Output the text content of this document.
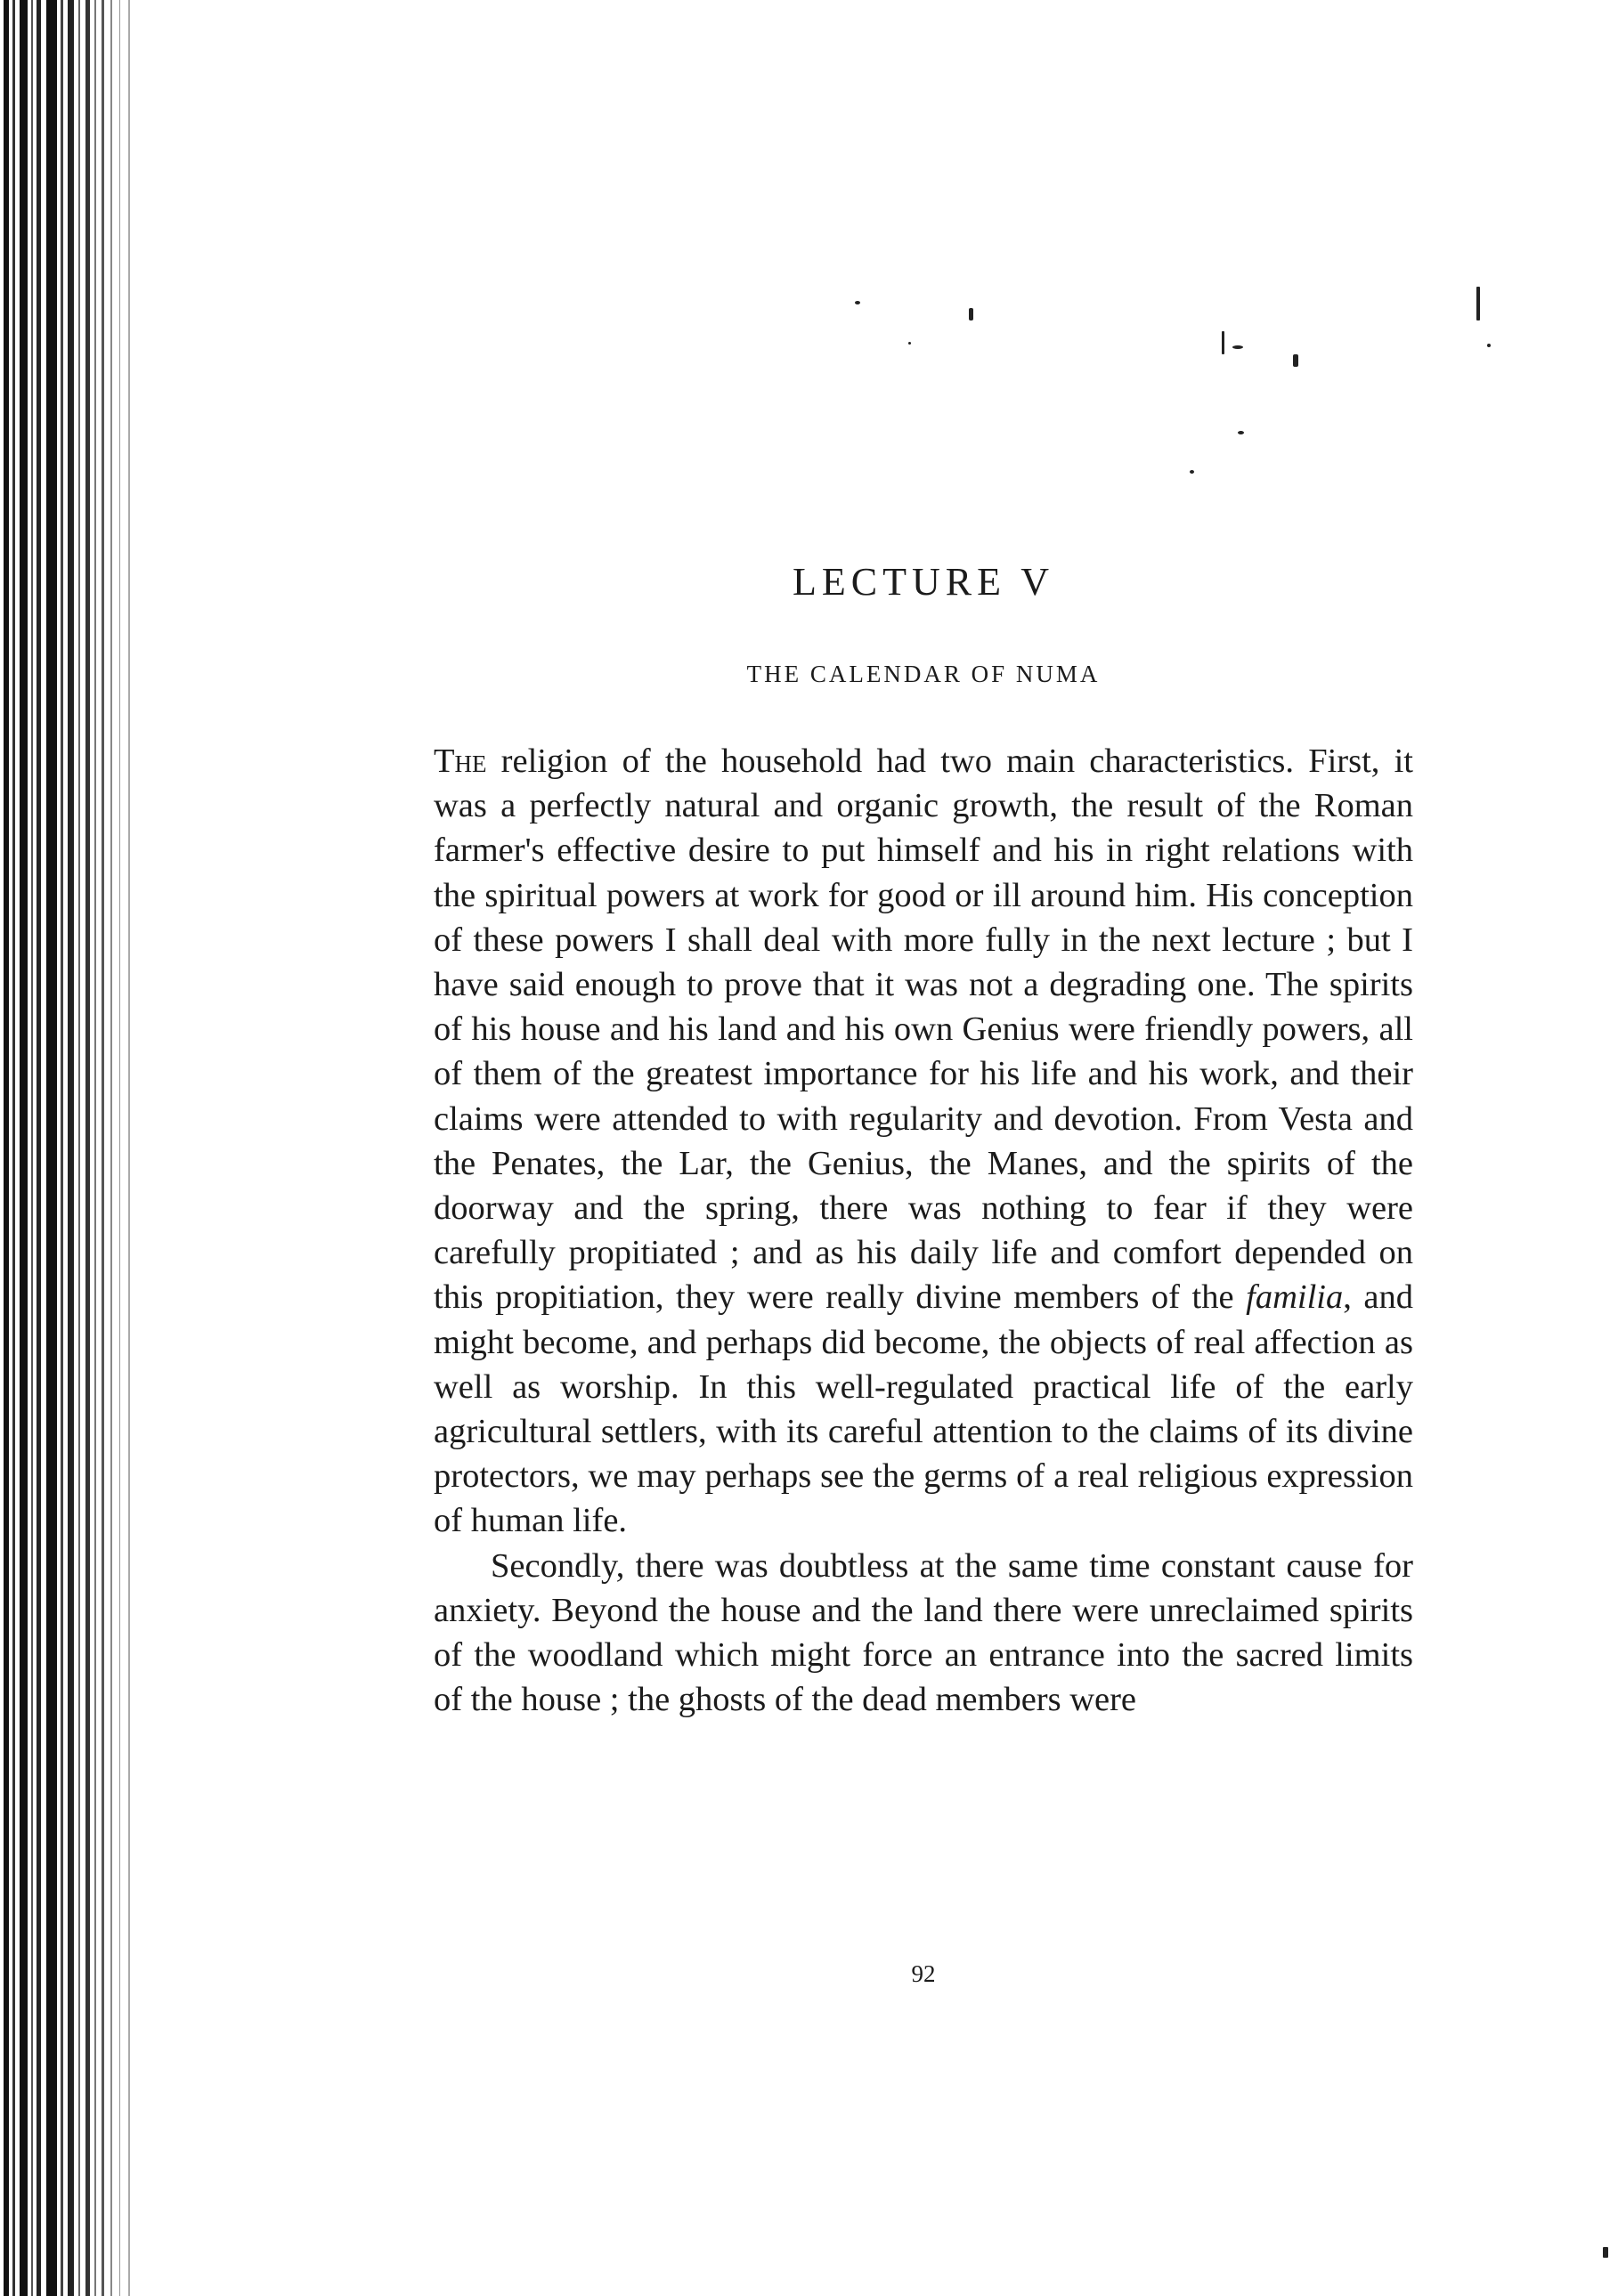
LECTURE V
THE CALENDAR OF NUMA

The religion of the household had two main characteristics. First, it was a perfectly natural and organic growth, the result of the Roman farmer's effective desire to put himself and his in right relations with the spiritual powers at work for good or ill around him. His conception of these powers I shall deal with more fully in the next lecture ; but I have said enough to prove that it was not a degrading one. The spirits of his house and his land and his own Genius were friendly powers, all of them of the greatest importance for his life and his work, and their claims were attended to with regularity and devotion. From Vesta and the Penates, the Lar, the Genius, the Manes, and the spirits of the doorway and the spring, there was nothing to fear if they were carefully propitiated ; and as his daily life and comfort depended on this propitiation, they were really divine members of the familia, and might become, and perhaps did become, the objects of real affection as well as worship. In this well-regulated practical life of the early agricultural settlers, with its careful attention to the claims of its divine protectors, we may perhaps see the germs of a real religious expression of human life.

Secondly, there was doubtless at the same time constant cause for anxiety. Beyond the house and the land there were unreclaimed spirits of the woodland which might force an entrance into the sacred limits of the house ; the ghosts of the dead members were

92
